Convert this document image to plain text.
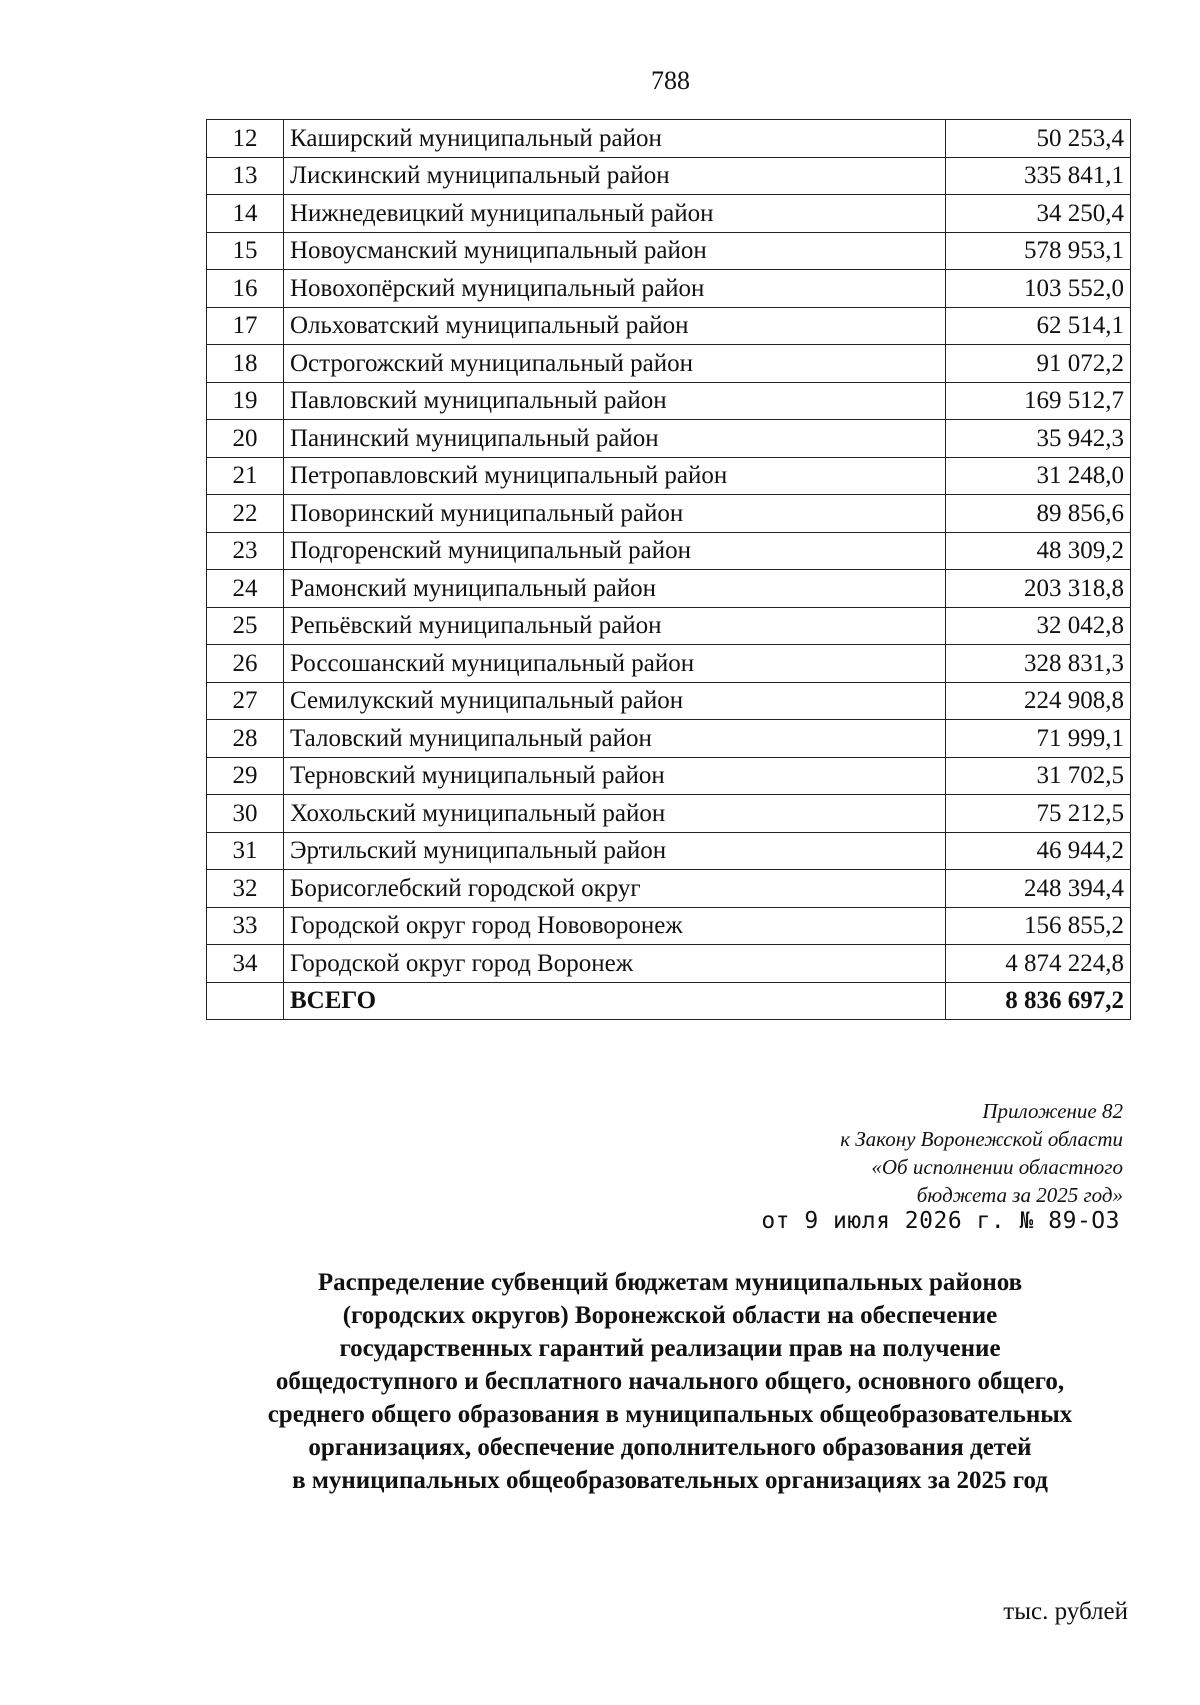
788
12	Каширский муниципальный район	50 253,4
13	Лискинский муниципальный район	335 841,1
14	Нижнедевицкий муниципальный район	34 250,4
15	Новоусманский муниципальный район	578 953,1
16	Новохопёрский муниципальный район	103 552,0
17	Ольховатский муниципальный район	62 514,1
18	Острогожский муниципальный район	91 072,2
19	Павловский муниципальный район	169 512,7
20	Панинский муниципальный район	35 942,3
21	Петропавловский муниципальный район	31 248,0
22	Поворинский муниципальный район	89 856,6
23	Подгоренский муниципальный район	48 309,2
24	Рамонский муниципальный район	203 318,8
25	Репьёвский муниципальный район	32 042,8
26	Россошанский муниципальный район	328 831,3
27	Семилукский муниципальный район	224 908,8
28	Таловский муниципальный район	71 999,1
29	Терновский муниципальный район	31 702,5
30	Хохольский муниципальный район	75 212,5
31	Эртильский муниципальный район	46 944,2
32	Борисоглебский городской округ	248 394,4
33	Городской округ город Нововоронеж	156 855,2
34	Городской округ город Воронеж	4 874 224,8
	ВСЕГО	8 836 697,2
Приложение 82
к Закону Воронежской области
«Об исполнении областного
бюджета за 2025 год»
от 9 июля 2026 г. № 89-ОЗ
Распределение субвенций бюджетам муниципальных районов
(городских округов) Воронежской области на обеспечение
государственных гарантий реализации прав на получение
общедоступного и бесплатного начального общего, основного общего,
среднего общего образования в муниципальных общеобразовательных
организациях, обеспечение дополнительного образования детей
в муниципальных общеобразовательных организациях за 2025 год
тыс. рублей
